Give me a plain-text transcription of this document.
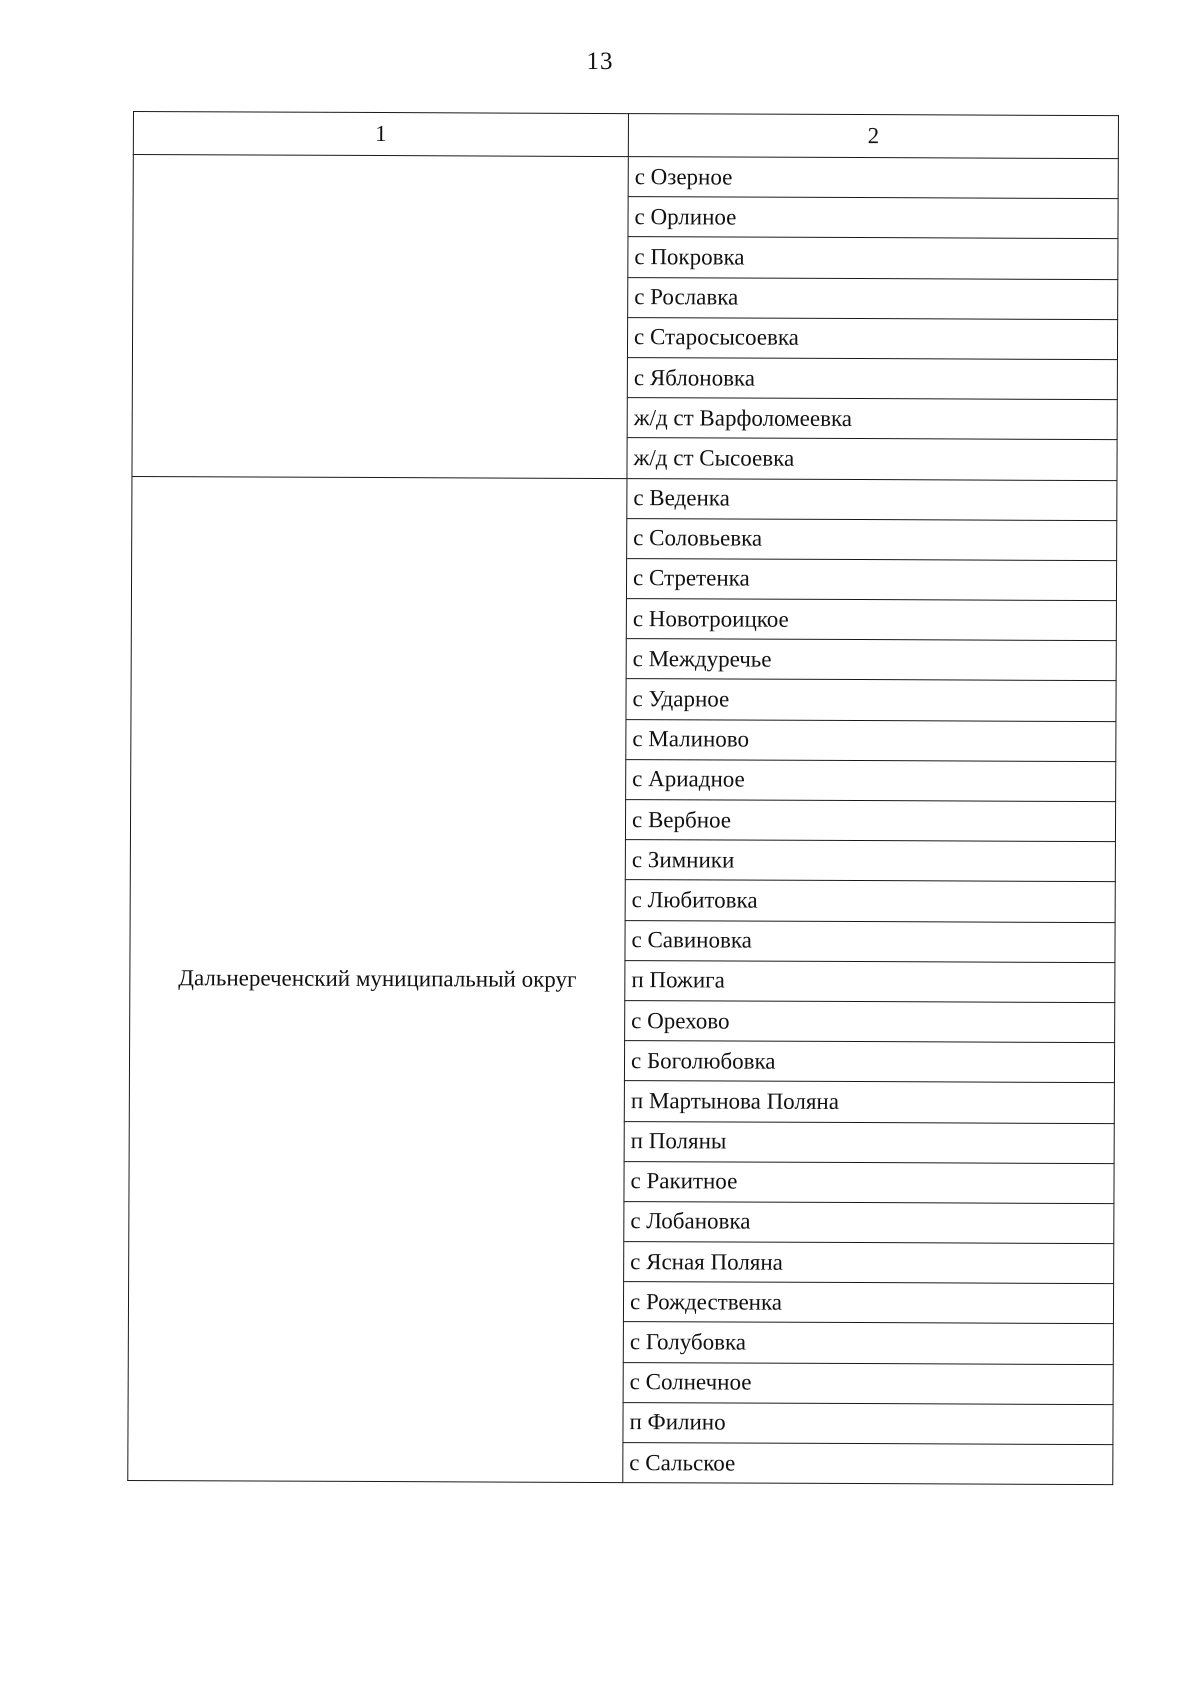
13
1	2
	с Озерное
	с Орлиное
	с Покровка
	с Рославка
	с Старосысоевка
	с Яблоновка
	ж/д ст Варфоломеевка
	ж/д ст Сысоевка
Дальнереченский муниципальный округ	с Веденка
	с Соловьевка
	с Стретенка
	с Новотроицкое
	с Междуречье
	с Ударное
	с Малиново
	с Ариадное
	с Вербное
	с Зимники
	с Любитовка
	с Савиновка
	п Пожига
	с Орехово
	с Боголюбовка
	п Мартынова Поляна
	п Поляны
	с Ракитное
	с Лобановка
	с Ясная Поляна
	с Рождественка
	с Голубовка
	с Солнечное
	п Филино
	с Сальское
